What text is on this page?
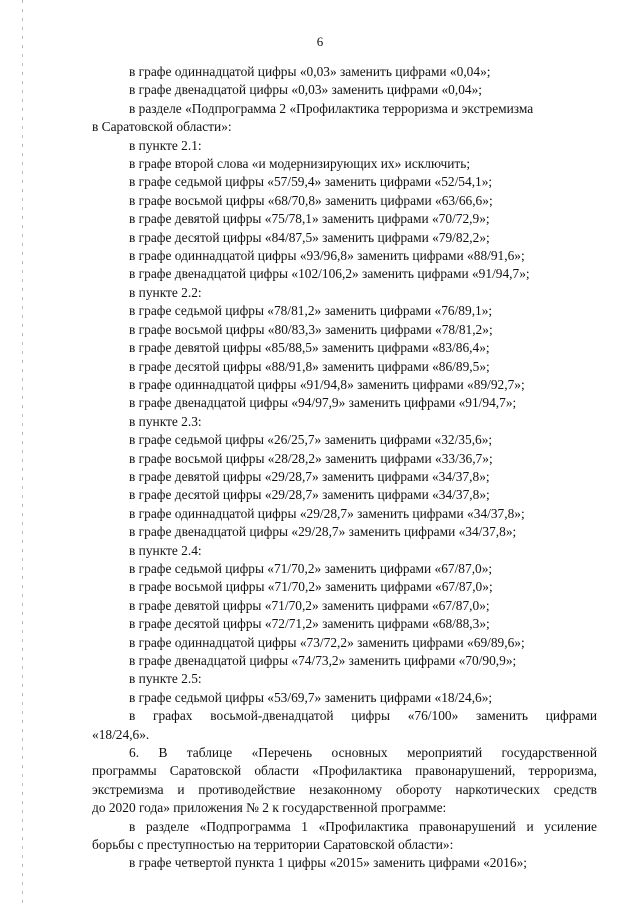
6
в графе одиннадцатой цифры «0,03» заменить цифрами «0,04»;
в графе двенадцатой цифры «0,03» заменить цифрами «0,04»;
в разделе «Подпрограмма 2 «Профилактика терроризма и экстремизма
в Саратовской области»:
в пункте 2.1:
в графе второй слова «и модернизирующих их» исключить;
в графе седьмой цифры «57/59,4» заменить цифрами «52/54,1»;
в графе восьмой цифры «68/70,8» заменить цифрами «63/66,6»;
в графе девятой цифры «75/78,1» заменить цифрами «70/72,9»;
в графе десятой цифры «84/87,5» заменить цифрами «79/82,2»;
в графе одиннадцатой цифры «93/96,8» заменить цифрами «88/91,6»;
в графе двенадцатой цифры «102/106,2» заменить цифрами «91/94,7»;
в пункте 2.2:
в графе седьмой цифры «78/81,2» заменить цифрами «76/89,1»;
в графе восьмой цифры «80/83,3» заменить цифрами «78/81,2»;
в графе девятой цифры «85/88,5» заменить цифрами «83/86,4»;
в графе десятой цифры «88/91,8» заменить цифрами «86/89,5»;
в графе одиннадцатой цифры «91/94,8» заменить цифрами «89/92,7»;
в графе двенадцатой цифры «94/97,9» заменить цифрами «91/94,7»;
в пункте 2.3:
в графе седьмой цифры «26/25,7» заменить цифрами «32/35,6»;
в графе восьмой цифры «28/28,2» заменить цифрами «33/36,7»;
в графе девятой цифры «29/28,7» заменить цифрами «34/37,8»;
в графе десятой цифры «29/28,7» заменить цифрами «34/37,8»;
в графе одиннадцатой цифры «29/28,7» заменить цифрами «34/37,8»;
в графе двенадцатой цифры «29/28,7» заменить цифрами «34/37,8»;
в пункте 2.4:
в графе седьмой цифры «71/70,2» заменить цифрами «67/87,0»;
в графе восьмой цифры «71/70,2» заменить цифрами «67/87,0»;
в графе девятой цифры «71/70,2» заменить цифрами «67/87,0»;
в графе десятой цифры «72/71,2» заменить цифрами «68/88,3»;
в графе одиннадцатой цифры «73/72,2» заменить цифрами «69/89,6»;
в графе двенадцатой цифры «74/73,2» заменить цифрами «70/90,9»;
в пункте 2.5:
в графе седьмой цифры «53/69,7» заменить цифрами «18/24,6»;
в графах восьмой-двенадцатой цифры «76/100» заменить цифрами
«18/24,6».
6. В таблице «Перечень основных мероприятий государственной
программы Саратовской области «Профилактика правонарушений, терроризма,
экстремизма и противодействие незаконному обороту наркотических средств
до 2020 года» приложения № 2 к государственной программе:
в разделе «Подпрограмма 1 «Профилактика правонарушений и усиление
борьбы с преступностью на территории Саратовской области»:
в графе четвертой пункта 1 цифры «2015» заменить цифрами «2016»;
